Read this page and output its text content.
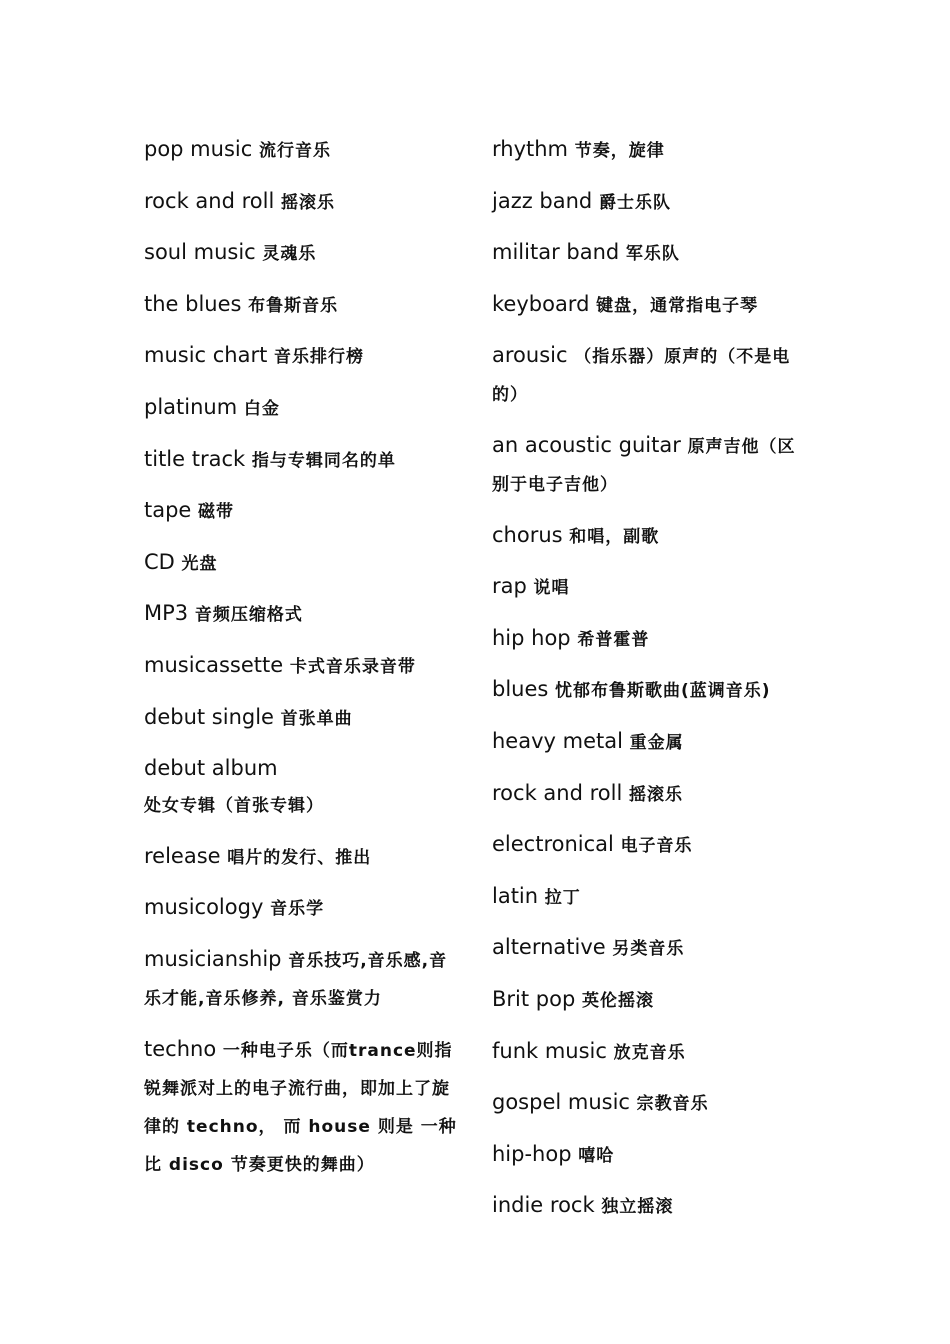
pop music 流行音乐
rock and roll 摇滚乐
soul music 灵魂乐
the blues 布鲁斯音乐
music chart 音乐排行榜
platinum 白金
title track 指与专辑同名的单
tape 磁带
CD 光盘
MP3 音频压缩格式
musicassette 卡式音乐录音带
debut single 首张单曲
debut album 处女专辑（首张专辑）
release 唱片的发行、推出
musicology 音乐学
musicianship 音乐技巧,音乐感,音乐才能,音乐修养, 音乐鉴赏力
techno 一种电子乐（而trance则指锐舞派对上的电子流行曲，即加上了旋律的 techno， 而 house 则是 一种比 disco 节奏更快的舞曲）
rhythm 节奏，旋律
jazz band 爵士乐队
militar band 军乐队
keyboard 键盘，通常指电子琴
arousic （指乐器）原声的（不是电的）
an acoustic guitar 原声吉他（区别于电子吉他）
chorus 和唱，副歌
rap 说唱
hip hop 希普霍普
blues 忧郁布鲁斯歌曲(蓝调音乐)
heavy metal 重金属
rock and roll 摇滚乐
electronical 电子音乐
latin 拉丁
alternative 另类音乐
Brit pop 英伦摇滚
funk music 放克音乐
gospel music 宗教音乐
hip-hop 嘻哈
indie rock 独立摇滚
